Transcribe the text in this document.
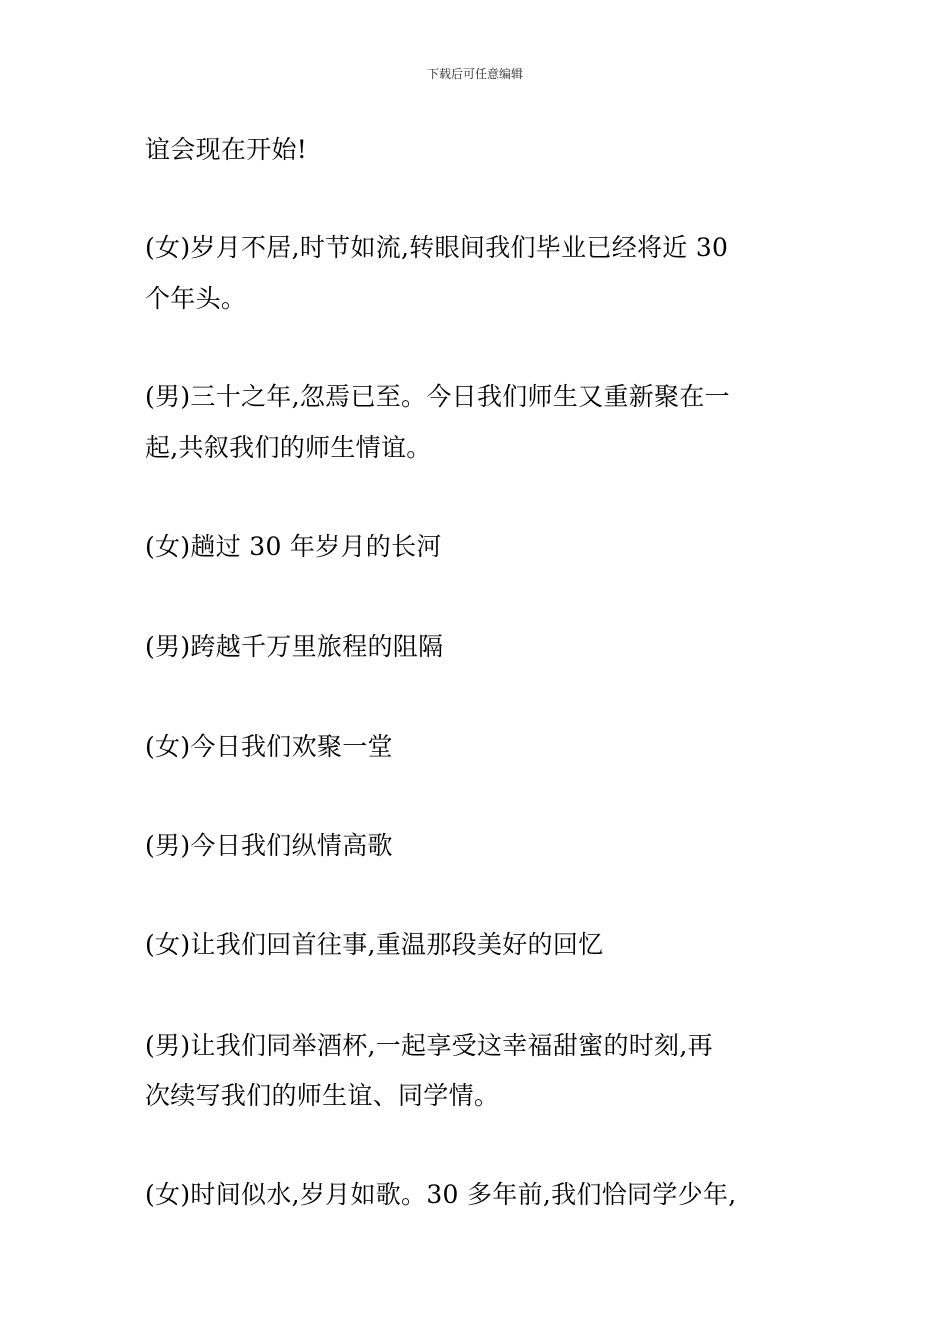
下载后可任意编辑
谊会现在开始!
(女)岁月不居,时节如流,转眼间我们毕业已经将近 30
个年头。
(男)三十之年,忽焉已至。今日我们师生又重新聚在一
起,共叙我们的师生情谊。
(女)趟过 30 年岁月的长河
(男)跨越千万里旅程的阻隔
(女)今日我们欢聚一堂
(男)今日我们纵情高歌
(女)让我们回首往事,重温那段美好的回忆
(男)让我们同举酒杯,一起享受这幸福甜蜜的时刻,再
次续写我们的师生谊、同学情。
(女)时间似水,岁月如歌。30 多年前,我们恰同学少年,
